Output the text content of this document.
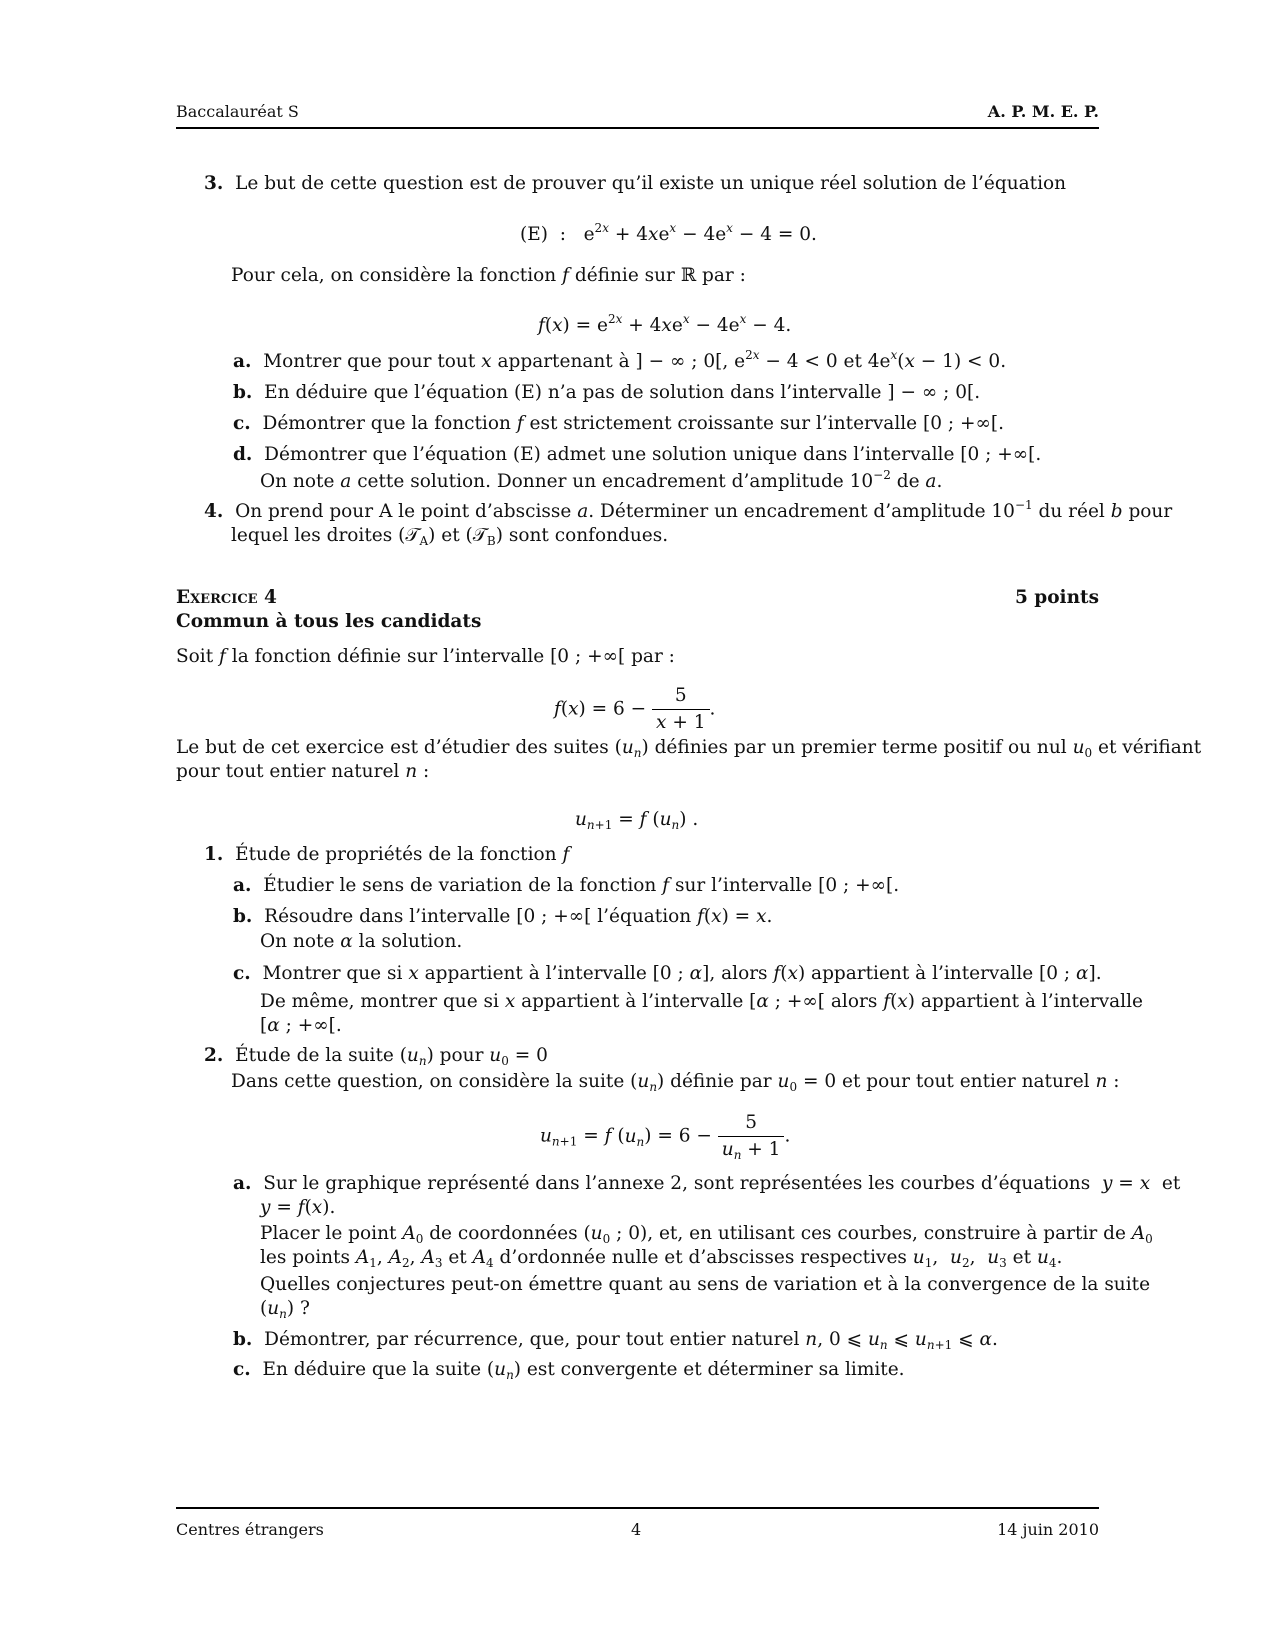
Baccalauréat S	A. P. M. E. P.
3. Le but de cette question est de prouver qu’il existe un unique réel solution de l’équation
(E)  :   $e^{2x} + 4xe^x - 4e^x - 4 = 0$.
Pour cela, on considère la fonction f définie sur ℝ par :
$f(x) = e^{2x} + 4xe^x - 4e^x - 4$.
a.  Montrer que pour tout x appartenant à ] − ∞ ; 0[, $e^{2x} - 4 < 0$ et $4e^x(x - 1) < 0$.
b.  En déduire que l’équation (E) n’a pas de solution dans l’intervalle ] − ∞ ; 0[.
c.  Démontrer que la fonction f est strictement croissante sur l’intervalle [0 ; +∞[.
d.  Démontrer que l’équation (E) admet une solution unique dans l’intervalle [0 ; +∞[.
On note a cette solution. Donner un encadrement d’amplitude $10^{-2}$ de a.
4.  On prend pour A le point d’abscisse a. Déterminer un encadrement d’amplitude $10^{-1}$ du réel b pour
lequel les droites (𝒯$_A$) et (𝒯$_B$) sont confondues.
Exercice 4	5 points
Commun à tous les candidats
Soit f la fonction définie sur l’intervalle [0 ; +∞[ par :
$f(x) = 6 - \frac{5}{x + 1}$ .
Le but de cet exercice est d’étudier des suites $(u_n)$ définies par un premier terme positif ou nul $u_0$ et vérifiant
pour tout entier naturel n :
$u_{n+1} = f$ $(u_n)$ .
1. Étude de propriétés de la fonction f
a.  Étudier le sens de variation de la fonction f sur l’intervalle [0 ; +∞[.
b.  Résoudre dans l’intervalle [0 ; +∞[ l’équation f(x) = x.
On note α la solution.
c.  Montrer que si x appartient à l’intervalle [0 ; α], alors f(x) appartient à l’intervalle [0 ; α].
De même, montrer que si x appartient à l’intervalle [α ; +∞[ alors f(x) appartient à l’intervalle
[α ; +∞[.
2.  Étude de la suite $(u_n)$ pour $u_0 = 0$
Dans cette question, on considère la suite $(u_n)$ définie par $u_0 = 0$ et pour tout entier naturel n :
$u_{n+1} = f$ $(u_n) = 6 - \frac{5}{u_n + 1}$ .
a.  Sur le graphique représenté dans l’annexe 2, sont représentées les courbes d’équations  y = x  et
y = f(x).
Placer le point $A_0$ de coordonnées ($u_0$ ; 0), et, en utilisant ces courbes, construire à partir de $A_0$
les points $A_1$, $A_2$, $A_3$ et $A_4$ d’ordonnée nulle et d’abscisses respectives $u_1$,  $u_2$,  $u_3$ et $u_4$.
Quelles conjectures peut-on émettre quant au sens de variation et à la convergence de la suite
$(u_n)$ ?
b.  Démontrer, par récurrence, que, pour tout entier naturel n, 0 ⩽ $u_n$ ⩽ $u_{n+1}$ ⩽ α.
c.  En déduire que la suite $(u_n)$ est convergente et déterminer sa limite.
Centres étrangers	4	14 juin 2010
